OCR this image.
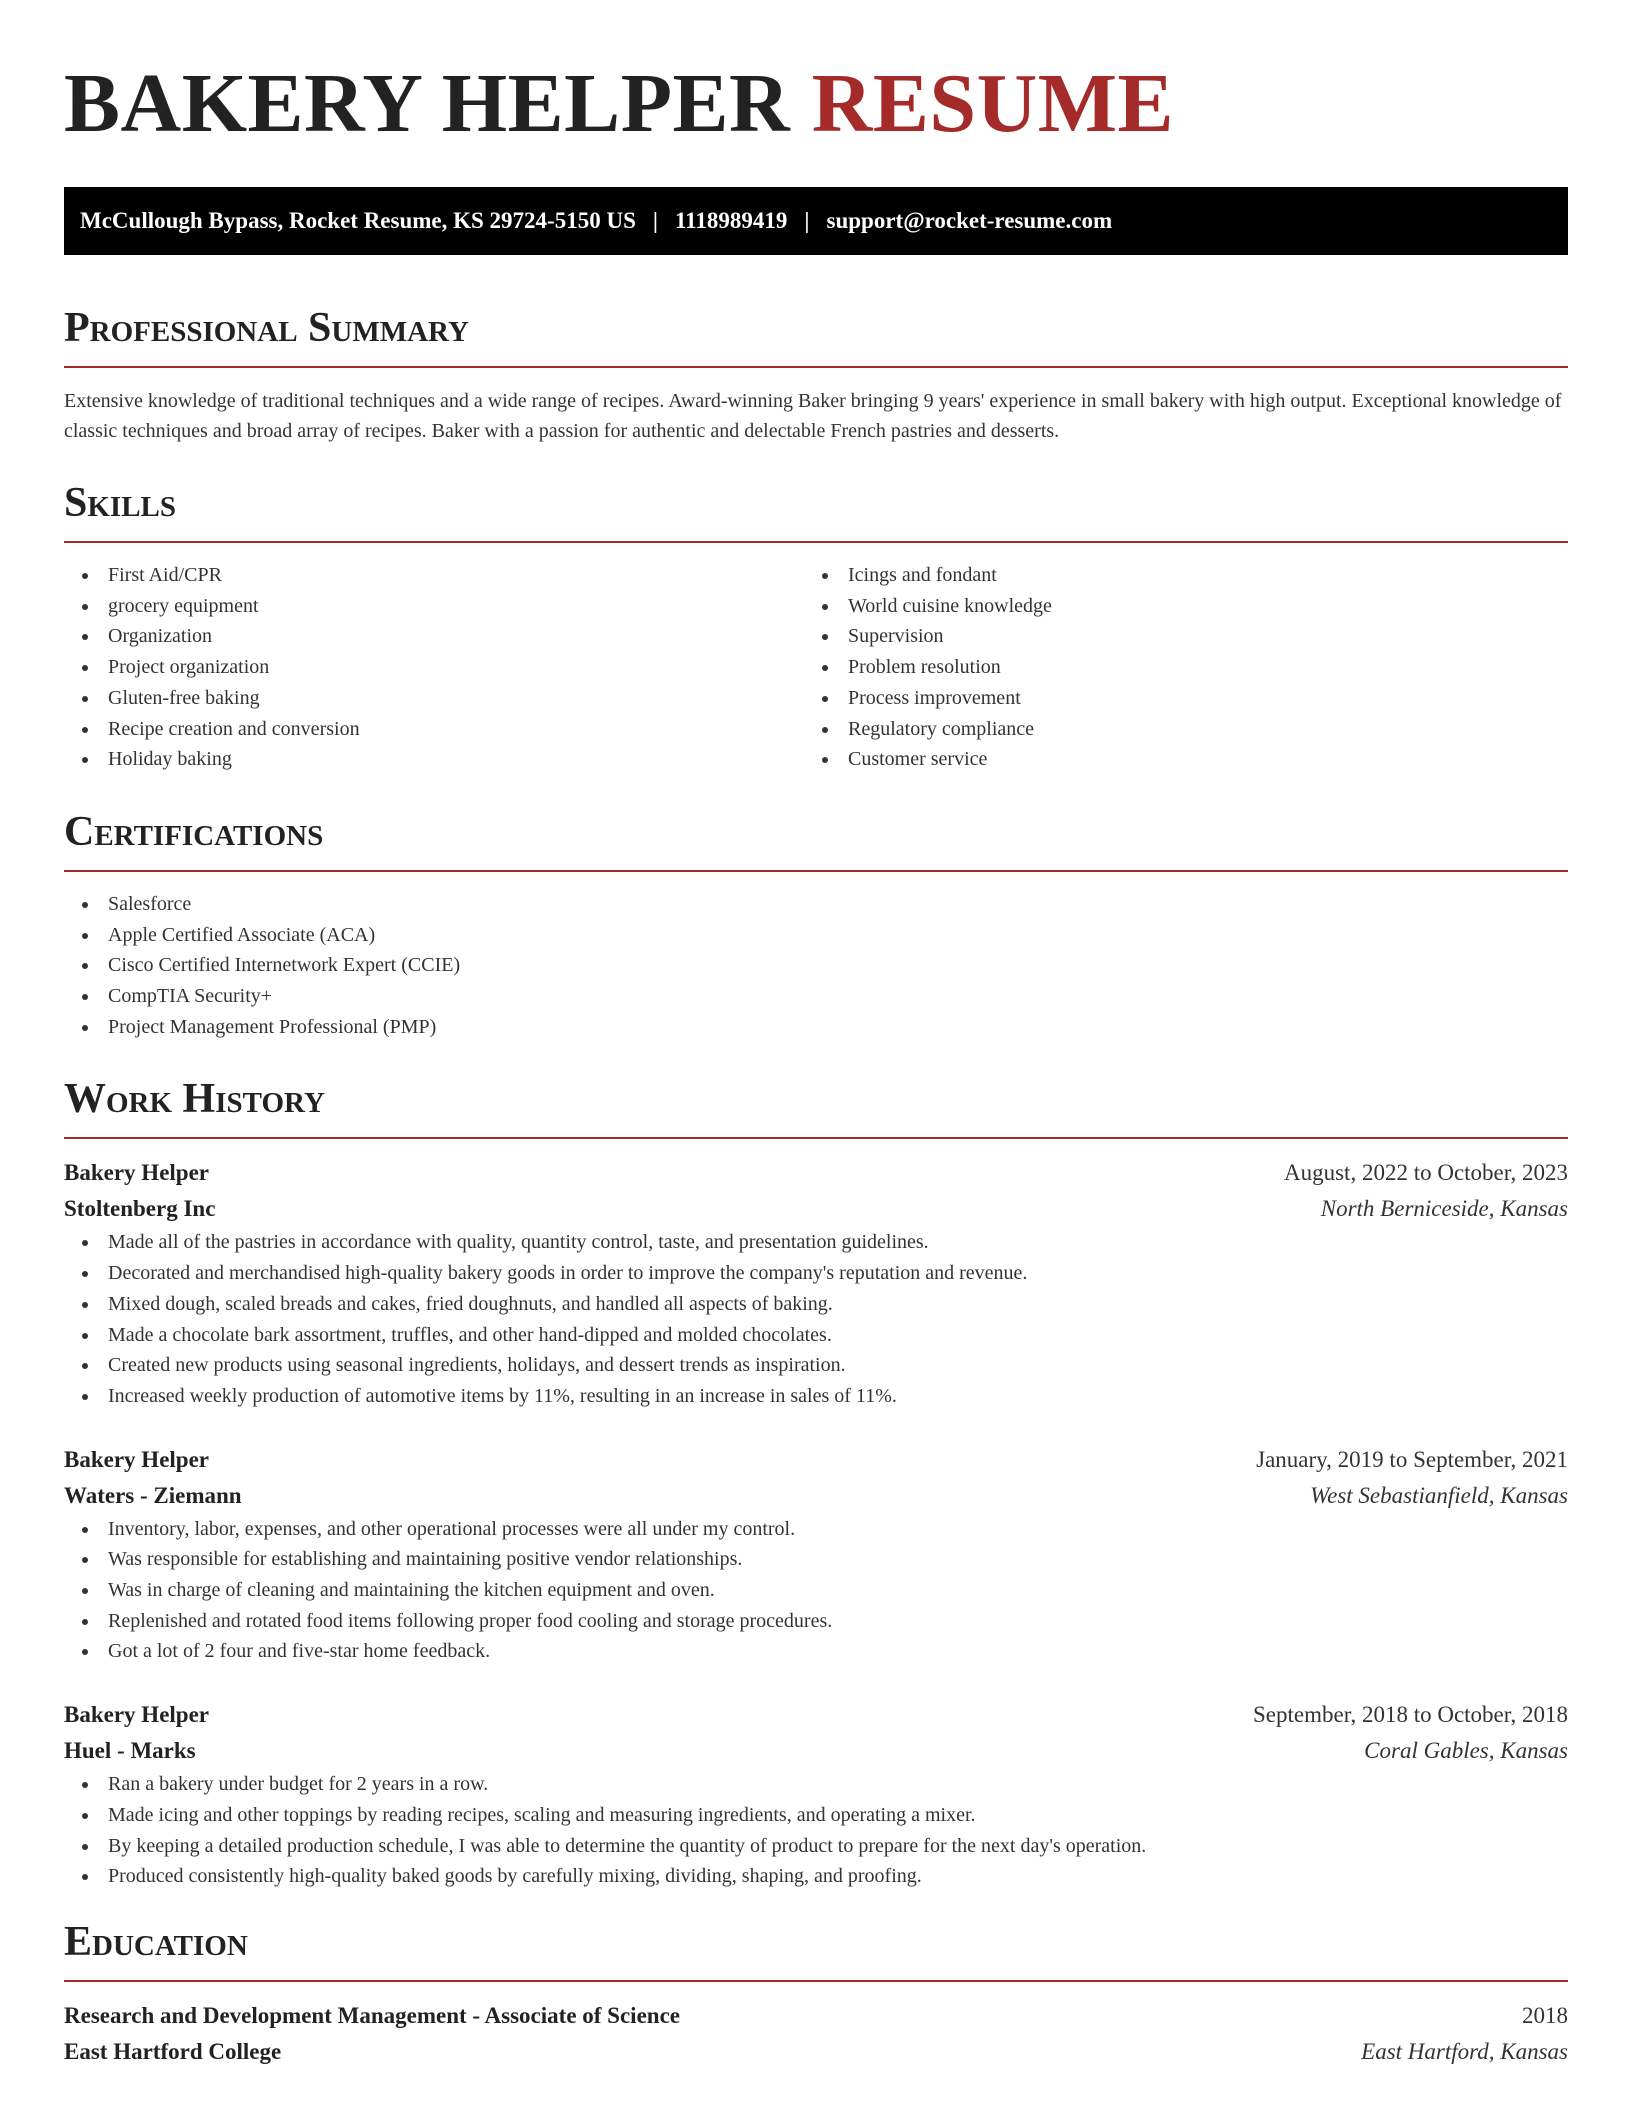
BAKERY HELPER RESUME
McCullough Bypass, Rocket Resume, KS 29724-5150 US | 1118989419 | support@rocket-resume.com
Professional Summary

Extensive knowledge of traditional techniques and a wide range of recipes. Award-winning Baker bringing 9 years' experience in small bakery with high output. Exceptional knowledge of classic techniques and broad array of recipes. Baker with a passion for authentic and delectable French pastries and desserts.

Skills
First Aid/CPR
grocery equipment
Organization
Project organization
Gluten-free baking
Recipe creation and conversion
Holiday baking
Icings and fondant
World cuisine knowledge
Supervision
Problem resolution
Process improvement
Regulatory compliance
Customer service
Certifications
Salesforce
Apple Certified Associate (ACA)
Cisco Certified Internetwork Expert (CCIE)
CompTIA Security+
Project Management Professional (PMP)
Work History
Bakery Helper	August, 2022 to October, 2023
Stoltenberg Inc	North Berniceside, Kansas
Made all of the pastries in accordance with quality, quantity control, taste, and presentation guidelines.
Decorated and merchandised high-quality bakery goods in order to improve the company's reputation and revenue.
Mixed dough, scaled breads and cakes, fried doughnuts, and handled all aspects of baking.
Made a chocolate bark assortment, truffles, and other hand-dipped and molded chocolates.
Created new products using seasonal ingredients, holidays, and dessert trends as inspiration.
Increased weekly production of automotive items by 11%, resulting in an increase in sales of 11%.
Bakery Helper	January, 2019 to September, 2021
Waters - Ziemann	West Sebastianfield, Kansas
Inventory, labor, expenses, and other operational processes were all under my control.
Was responsible for establishing and maintaining positive vendor relationships.
Was in charge of cleaning and maintaining the kitchen equipment and oven.
Replenished and rotated food items following proper food cooling and storage procedures.
Got a lot of 2 four and five-star home feedback.
Bakery Helper	September, 2018 to October, 2018
Huel - Marks	Coral Gables, Kansas
Ran a bakery under budget for 2 years in a row.
Made icing and other toppings by reading recipes, scaling and measuring ingredients, and operating a mixer.
By keeping a detailed production schedule, I was able to determine the quantity of product to prepare for the next day's operation.
Produced consistently high-quality baked goods by carefully mixing, dividing, shaping, and proofing.
Education
Research and Development Management - Associate of Science	2018
East Hartford College	East Hartford, Kansas
